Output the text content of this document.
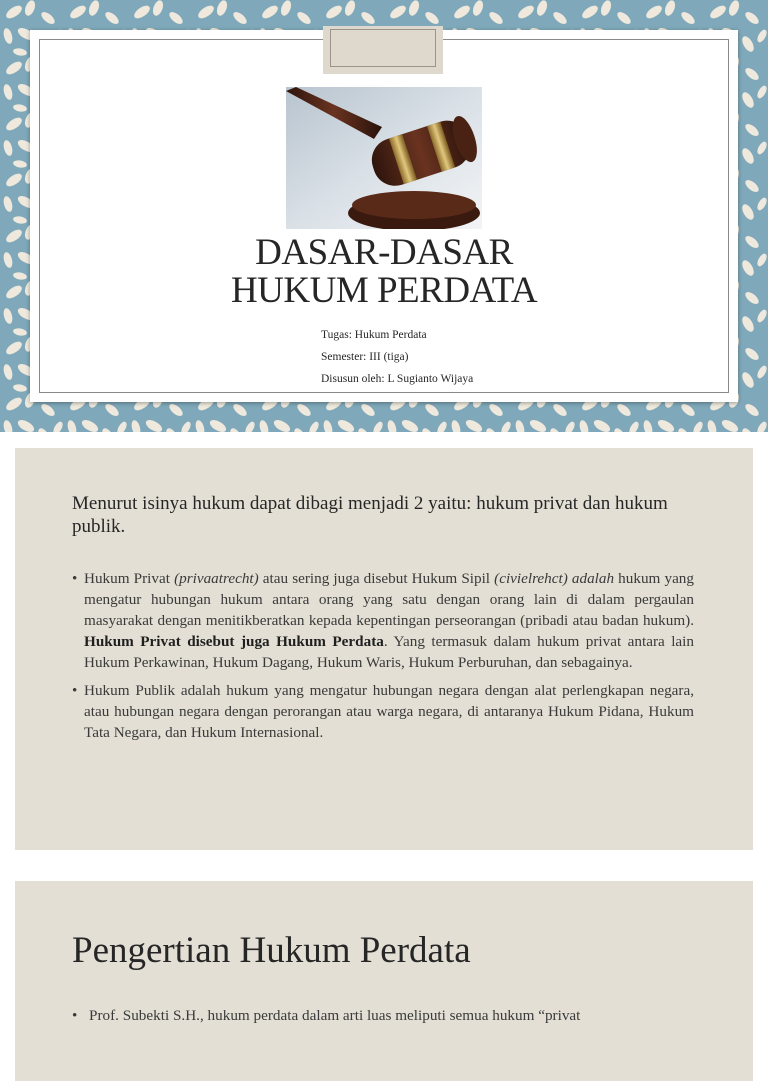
DASAR-DASAR
HUKUM PERDATA
Tugas: Hukum Perdata
Semester: III (tiga)
Disusun oleh: L Sugianto Wijaya
Menurut isinya hukum dapat dibagi menjadi 2 yaitu: hukum privat dan hukum publik.
• Hukum Privat (privaatrecht) atau sering juga disebut Hukum Sipil (civielrehct) adalah hukum yang mengatur hubungan hukum antara orang yang satu dengan orang lain di dalam pergaulan masyarakat dengan menitikberatkan kepada kepentingan perseorangan (pribadi atau badan hukum). Hukum Privat disebut juga Hukum Perdata. Yang termasuk dalam hukum privat antara lain Hukum Perkawinan, Hukum Dagang, Hukum Waris, Hukum Perburuhan, dan sebagainya.
• Hukum Publik adalah hukum yang mengatur hubungan negara dengan alat perlengkapan negara, atau hubungan negara dengan perorangan atau warga negara, di antaranya Hukum Pidana, Hukum Tata Negara, dan Hukum Internasional.
Pengertian Hukum Perdata
• Prof. Subekti S.H., hukum perdata dalam arti luas meliputi semua hukum “privat
